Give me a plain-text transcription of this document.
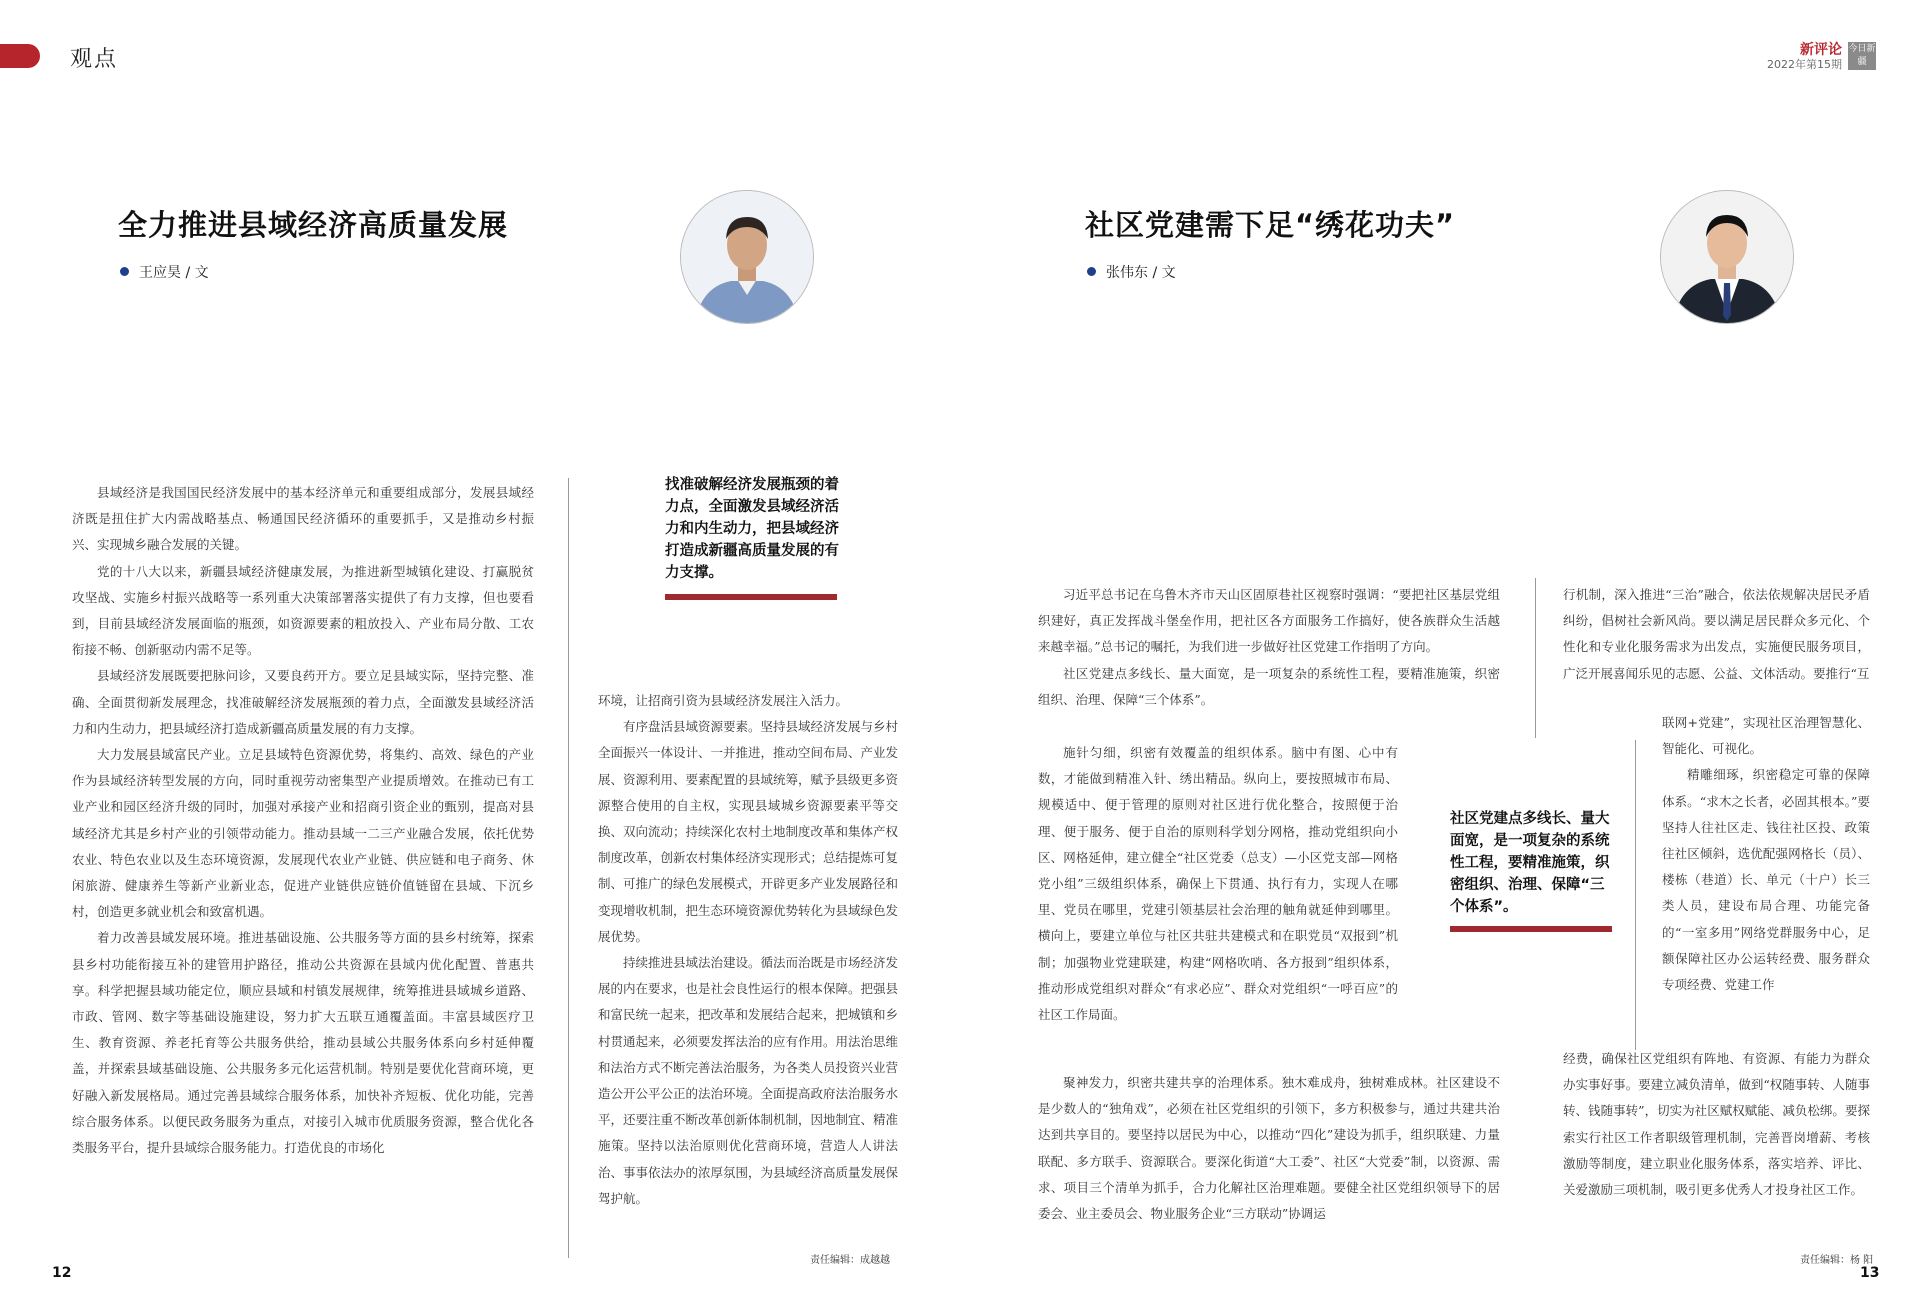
观点	新评论
2022年第15期
今日新疆
全力推进县域经济高质量发展
王应昊 / 文
找准破解经济发展瓶颈的着力点，全面激发县域经济活力和内生动力，把县域经济打造成新疆高质量发展的有力支撑。

县域经济是我国国民经济发展中的基本经济单元和重要组成部分，发展县域经济既是扭住扩大内需战略基点、畅通国民经济循环的重要抓手，又是推动乡村振兴、实现城乡融合发展的关键。

党的十八大以来，新疆县域经济健康发展，为推进新型城镇化建设、打赢脱贫攻坚战、实施乡村振兴战略等一系列重大决策部署落实提供了有力支撑，但也要看到，目前县域经济发展面临的瓶颈，如资源要素的粗放投入、产业布局分散、工农衔接不畅、创新驱动内需不足等。

县域经济发展既要把脉问诊，又要良药开方。要立足县域实际，坚持完整、准确、全面贯彻新发展理念，找准破解经济发展瓶颈的着力点，全面激发县域经济活力和内生动力，把县域经济打造成新疆高质量发展的有力支撑。

大力发展县域富民产业。立足县域特色资源优势，将集约、高效、绿色的产业作为县域经济转型发展的方向，同时重视劳动密集型产业提质增效。在推动已有工业产业和园区经济升级的同时，加强对承接产业和招商引资企业的甄别，提高对县域经济尤其是乡村产业的引领带动能力。推动县域一二三产业融合发展，依托优势农业、特色农业以及生态环境资源，发展现代农业产业链、供应链和电子商务、休闲旅游、健康养生等新产业新业态，促进产业链供应链价值链留在县域、下沉乡村，创造更多就业机会和致富机遇。

着力改善县域发展环境。推进基础设施、公共服务等方面的县乡村统筹，探索县乡村功能衔接互补的建管用护路径，推动公共资源在县域内优化配置、普惠共享。科学把握县域功能定位，顺应县域和村镇发展规律，统筹推进县域城乡道路、市政、管网、数字等基础设施建设，努力扩大五联互通覆盖面。丰富县域医疗卫生、教育资源、养老托育等公共服务供给，推动县域公共服务体系向乡村延伸覆盖，并探索县域基础设施、公共服务多元化运营机制。特别是要优化营商环境，更好融入新发展格局。通过完善县域综合服务体系，加快补齐短板、优化功能，完善综合服务体系。以便民政务服务为重点，对接引入城市优质服务资源，整合优化各类服务平台，提升县域综合服务能力。打造优良的市场化

环境，让招商引资为县域经济发展注入活力。

有序盘活县域资源要素。坚持县域经济发展与乡村全面振兴一体设计、一并推进，推动空间布局、产业发展、资源利用、要素配置的县域统筹，赋予县级更多资源整合使用的自主权，实现县域城乡资源要素平等交换、双向流动；持续深化农村土地制度改革和集体产权制度改革，创新农村集体经济实现形式；总结提炼可复制、可推广的绿色发展模式，开辟更多产业发展路径和变现增收机制，把生态环境资源优势转化为县域绿色发展优势。

持续推进县域法治建设。循法而治既是市场经济发展的内在要求，也是社会良性运行的根本保障。把强县和富民统一起来，把改革和发展结合起来，把城镇和乡村贯通起来，必须要发挥法治的应有作用。用法治思维和法治方式不断完善法治服务，为各类人员投资兴业营造公开公平公正的法治环境。全面提高政府法治服务水平，还要注重不断改革创新体制机制，因地制宜、精准施策。坚持以法治原则优化营商环境，营造人人讲法治、事事依法办的浓厚氛围，为县域经济高质量发展保驾护航。

责任编辑：成越越
12
社区党建需下足“绣花功夫”
张伟东 / 文
社区党建点多线长、量大面宽，是一项复杂的系统性工程，要精准施策，织密组织、治理、保障“三个体系”。

习近平总书记在乌鲁木齐市天山区固原巷社区视察时强调：“要把社区基层党组织建好，真正发挥战斗堡垒作用，把社区各方面服务工作搞好，使各族群众生活越来越幸福。”总书记的嘱托，为我们进一步做好社区党建工作指明了方向。

社区党建点多线长、量大面宽，是一项复杂的系统性工程，要精准施策，织密组织、治理、保障“三个体系”。

施针匀细，织密有效覆盖的组织体系。脑中有图、心中有数，才能做到精准入针、绣出精品。纵向上，要按照城市布局、规模适中、便于管理的原则对社区进行优化整合，按照便于治理、便于服务、便于自治的原则科学划分网格，推动党组织向小区、网格延伸，建立健全“社区党委（总支）—小区党支部—网格党小组”三级组织体系，确保上下贯通、执行有力，实现人在哪里、党员在哪里，党建引领基层社会治理的触角就延伸到哪里。横向上，要建立单位与社区共驻共建模式和在职党员“双报到”机制；加强物业党建联建，构建“网格吹哨、各方报到”组织体系，推动形成党组织对群众“有求必应”、群众对党组织“一呼百应”的社区工作局面。

聚神发力，织密共建共享的治理体系。独木难成舟，独树难成林。社区建设不是少数人的“独角戏”，必须在社区党组织的引领下，多方积极参与，通过共建共治达到共享目的。要坚持以居民为中心，以推动“四化”建设为抓手，组织联建、力量联配、多方联手、资源联合。要深化街道“大工委”、社区“大党委”制，以资源、需求、项目三个清单为抓手，合力化解社区治理难题。要健全社区党组织领导下的居委会、业主委员会、物业服务企业“三方联动”协调运

行机制，深入推进“三治”融合，依法依规解决居民矛盾纠纷，倡树社会新风尚。要以满足居民群众多元化、个性化和专业化服务需求为出发点，实施便民服务项目，广泛开展喜闻乐见的志愿、公益、文体活动。要推行“互

联网+党建”，实现社区治理智慧化、智能化、可视化。

精雕细琢，织密稳定可靠的保障体系。“求木之长者，必固其根本。”要坚持人往社区走、钱往社区投、政策往社区倾斜，选优配强网格长（员）、楼栋（巷道）长、单元（十户）长三类人员，建设布局合理、功能完备的“一室多用”网络党群服务中心，足额保障社区办公运转经费、服务群众专项经费、党建工作

经费，确保社区党组织有阵地、有资源、有能力为群众办实事好事。要建立减负清单，做到“权随事转、人随事转、钱随事转”，切实为社区赋权赋能、减负松绑。要探索实行社区工作者职级管理机制，完善晋岗增薪、考核激励等制度，建立职业化服务体系，落实培养、评比、关爱激励三项机制，吸引更多优秀人才投身社区工作。

责任编辑：杨 阳
13
